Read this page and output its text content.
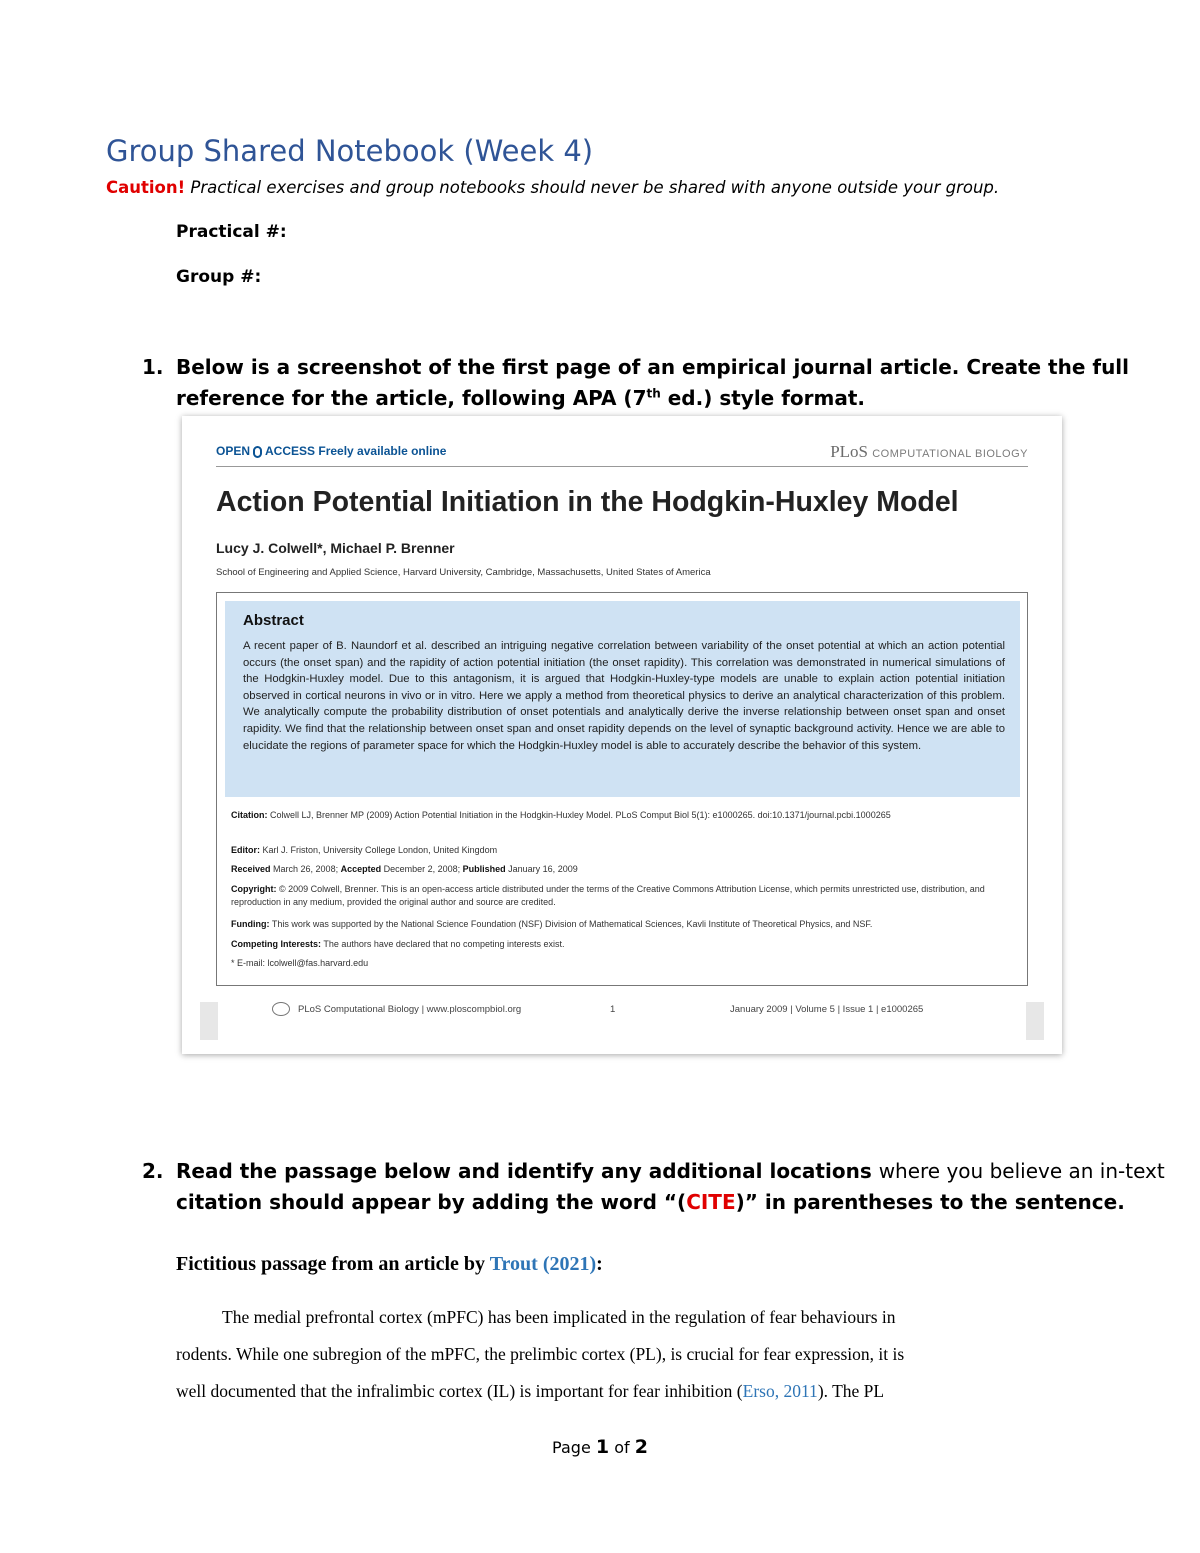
Group Shared Notebook (Week 4)
Caution! Practical exercises and group notebooks should never be shared with anyone outside your group.
Practical #:
Group #:
1. Below is a screenshot of the first page of an empirical journal article. Create the full
reference for the article, following APA (7th ed.) style format.
OPEN ACCESS Freely available online	PLoS COMPUTATIONAL BIOLOGY
Action Potential Initiation in the Hodgkin-Huxley Model
Lucy J. Colwell*, Michael P. Brenner
School of Engineering and Applied Science, Harvard University, Cambridge, Massachusetts, United States of America
Abstract
A recent paper of B. Naundorf et al. described an intriguing negative correlation between variability of the onset potential at which an action potential occurs (the onset span) and the rapidity of action potential initiation (the onset rapidity). This correlation was demonstrated in numerical simulations of the Hodgkin-Huxley model. Due to this antagonism, it is argued that Hodgkin-Huxley-type models are unable to explain action potential initiation observed in cortical neurons in vivo or in vitro. Here we apply a method from theoretical physics to derive an analytical characterization of this problem. We analytically compute the probability distribution of onset potentials and analytically derive the inverse relationship between onset span and onset rapidity. We find that the relationship between onset span and onset rapidity depends on the level of synaptic background activity. Hence we are able to elucidate the regions of parameter space for which the Hodgkin-Huxley model is able to accurately describe the behavior of this system.
Citation: Colwell LJ, Brenner MP (2009) Action Potential Initiation in the Hodgkin-Huxley Model. PLoS Comput Biol 5(1): e1000265. doi:10.1371/journal.pcbi.1000265
Editor: Karl J. Friston, University College London, United Kingdom
Received March 26, 2008; Accepted December 2, 2008; Published January 16, 2009
Copyright: © 2009 Colwell, Brenner. This is an open-access article distributed under the terms of the Creative Commons Attribution License, which permits unrestricted use, distribution, and reproduction in any medium, provided the original author and source are credited.
Funding: This work was supported by the National Science Foundation (NSF) Division of Mathematical Sciences, Kavli Institute of Theoretical Physics, and NSF.
Competing Interests: The authors have declared that no competing interests exist.
* E-mail: lcolwell@fas.harvard.edu
PLoS Computational Biology | www.ploscompbiol.org	1	January 2009 | Volume 5 | Issue 1 | e1000265
2. Read the passage below and identify any additional locations where you believe an in-text
citation should appear by adding the word “(CITE)” in parentheses to the sentence.
Fictitious passage from an article by Trout (2021):
The medial prefrontal cortex (mPFC) has been implicated in the regulation of fear behaviours in
rodents. While one subregion of the mPFC, the prelimbic cortex (PL), is crucial for fear expression, it is
well documented that the infralimbic cortex (IL) is important for fear inhibition (Erso, 2011). The PL
Page 1 of 2
